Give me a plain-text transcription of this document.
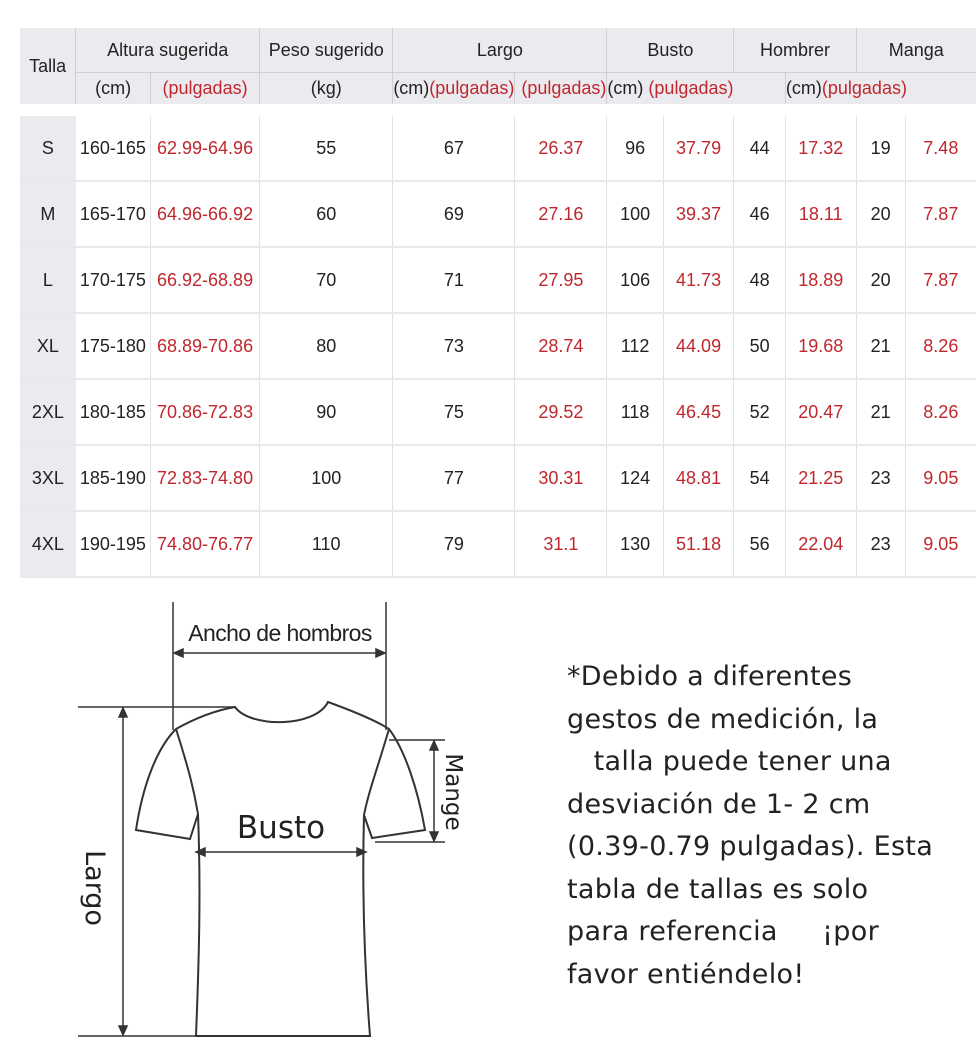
Talla	Altura sugerida		Peso sugerido	Largo		Busto		Hombrer		Manga	
	(cm)	(pulgadas)	(kg)	(cm)(pulgadas)	(pulgadas)	(cm) (pulgadas)			(cm)(pulgadas)		

S	160-165	62.99-64.96	55	67	26.37	96	37.79	44	17.32	19	7.48
M	165-170	64.96-66.92	60	69	27.16	100	39.37	46	18.11	20	7.87
L	170-175	66.92-68.89	70	71	27.95	106	41.73	48	18.89	20	7.87
XL	175-180	68.89-70.86	80	73	28.74	112	44.09	50	19.68	21	8.26
2XL	180-185	70.86-72.83	90	75	29.52	118	46.45	52	20.47	21	8.26
3XL	185-190	72.83-74.80	100	77	30.31	124	48.81	54	21.25	23	9.05
4XL	190-195	74.80-76.77	110	79	31.1	130	51.18	56	22.04	23	9.05
Ancho de hombros
Busto	Mange
Largo
*Debido a diferentes
gestos de medición, la
talla puede tener una
desviación de 1- 2 cm
(0.39-0.79 pulgadas). Esta
tabla de tallas es solo
para referencia     ¡por
favor entiéndelo!
